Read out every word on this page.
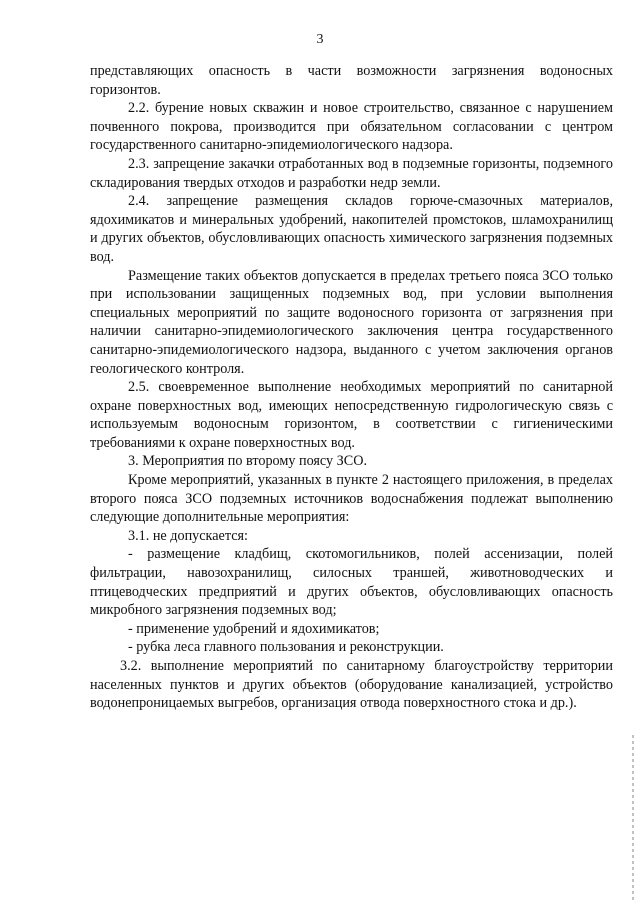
3

представляющих опасность в части возможности загрязнения водоносных горизонтов.

2.2. бурение новых скважин и новое строительство, связанное с нарушением почвенного покрова, производится при обязательном согласовании с центром государственного санитарно-эпидемиологического надзора.

2.3. запрещение закачки отработанных вод в подземные горизонты, подземного складирования твердых отходов и разработки недр земли.

2.4. запрещение размещения складов горюче-смазочных материалов, ядохимикатов и минеральных удобрений, накопителей промстоков, шламохранилищ и других объектов, обусловливающих опасность химического загрязнения подземных вод.

Размещение таких объектов допускается в пределах третьего пояса ЗСО только при использовании защищенных подземных вод, при условии выполнения специальных мероприятий по защите водоносного горизонта от загрязнения при наличии санитарно-эпидемиологического заключения центра государственного санитарно-эпидемиологического надзора, выданного с учетом заключения органов геологического контроля.

2.5. своевременное выполнение необходимых мероприятий по санитарной охране поверхностных вод, имеющих непосредственную гидрологическую связь с используемым водоносным горизонтом, в соответствии с гигиеническими требованиями к охране поверхностных вод.

3. Мероприятия по второму поясу ЗСО.

Кроме мероприятий, указанных в пункте 2 настоящего приложения, в пределах второго пояса ЗСО подземных источников водоснабжения подлежат выполнению следующие дополнительные мероприятия:

3.1. не допускается:

- размещение кладбищ, скотомогильников, полей ассенизации, полей фильтрации, навозохранилищ, силосных траншей, животноводческих и птицеводческих предприятий и других объектов, обусловливающих опасность микробного загрязнения подземных вод;

- применение удобрений и ядохимикатов;

- рубка леса главного пользования и реконструкции.

3.2. выполнение мероприятий по санитарному благоустройству территории населенных пунктов и других объектов (оборудование канализацией, устройство водонепроницаемых выгребов, организация отвода поверхностного стока и др.).
